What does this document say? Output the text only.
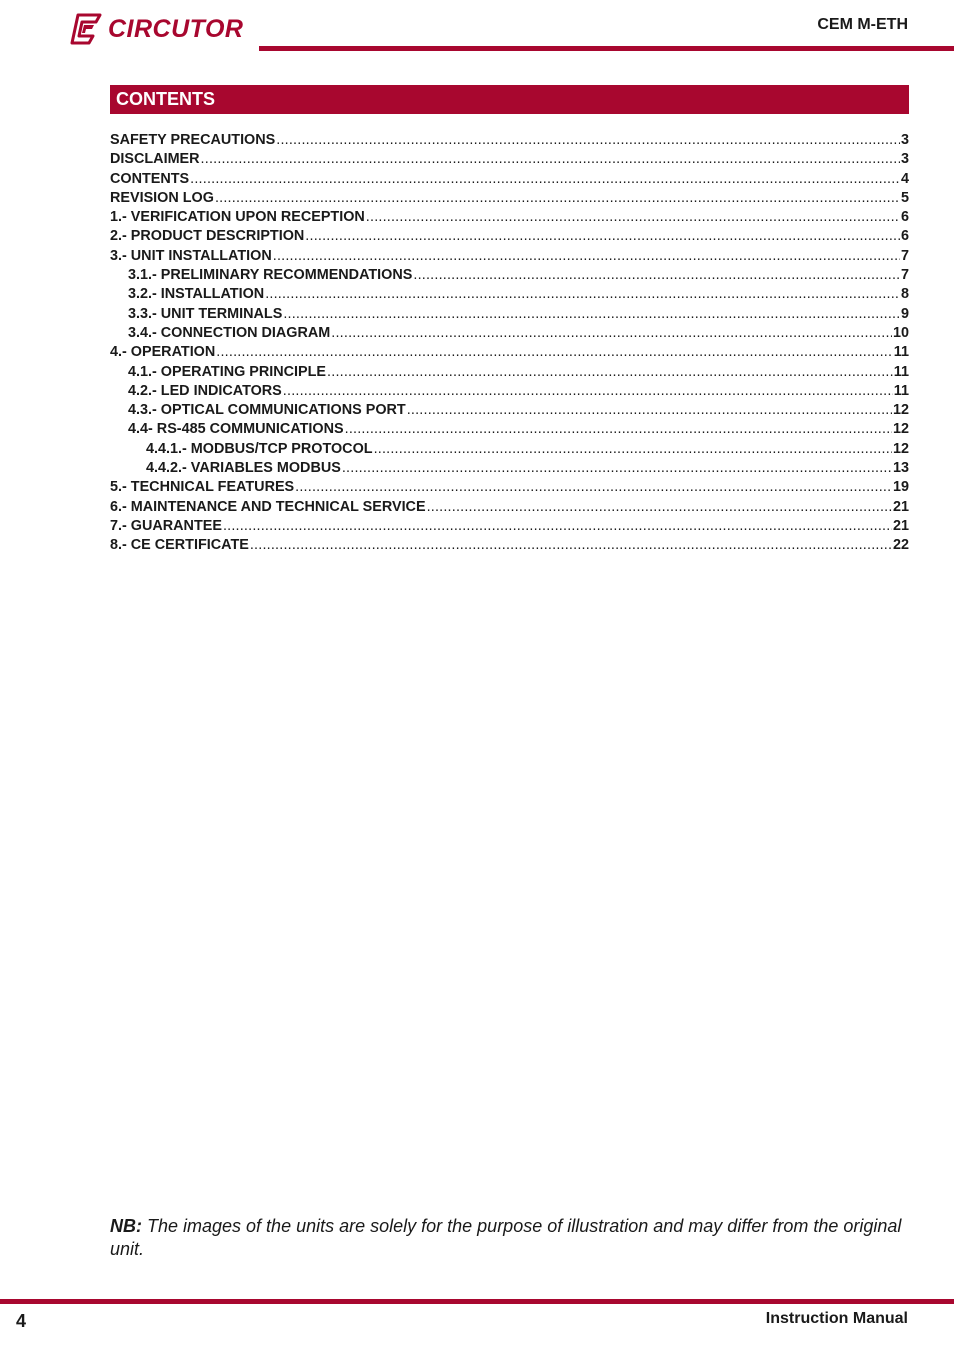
CIRCUTOR	CEM M-ETH
CONTENTS
SAFETY PRECAUTIONS .....	3
DISCLAIMER .....	3
CONTENTS .....	4
REVISION LOG .....	5
1.- VERIFICATION UPON RECEPTION .....	6
2.- PRODUCT DESCRIPTION .....	6
3.- UNIT INSTALLATION .....	7
3.1.- PRELIMINARY RECOMMENDATIONS .....	7
3.2.- INSTALLATION .....	8
3.3.- UNIT TERMINALS .....	9
3.4.- CONNECTION DIAGRAM .....	10
4.- OPERATION .....	11
4.1.- OPERATING PRINCIPLE .....	11
4.2.- LED INDICATORS .....	11
4.3.- OPTICAL COMMUNICATIONS PORT .....	12
4.4- RS-485 COMMUNICATIONS .....	12
4.4.1.- MODBUS/TCP PROTOCOL .....	12
4.4.2.- VARIABLES MODBUS .....	13
5.- TECHNICAL FEATURES .....	19
6.- MAINTENANCE AND TECHNICAL SERVICE .....	21
7.- GUARANTEE .....	21
8.- CE CERTIFICATE .....	22
NB: The images of the units are solely for the purpose of illustration and may differ from the original unit.
4	Instruction Manual
